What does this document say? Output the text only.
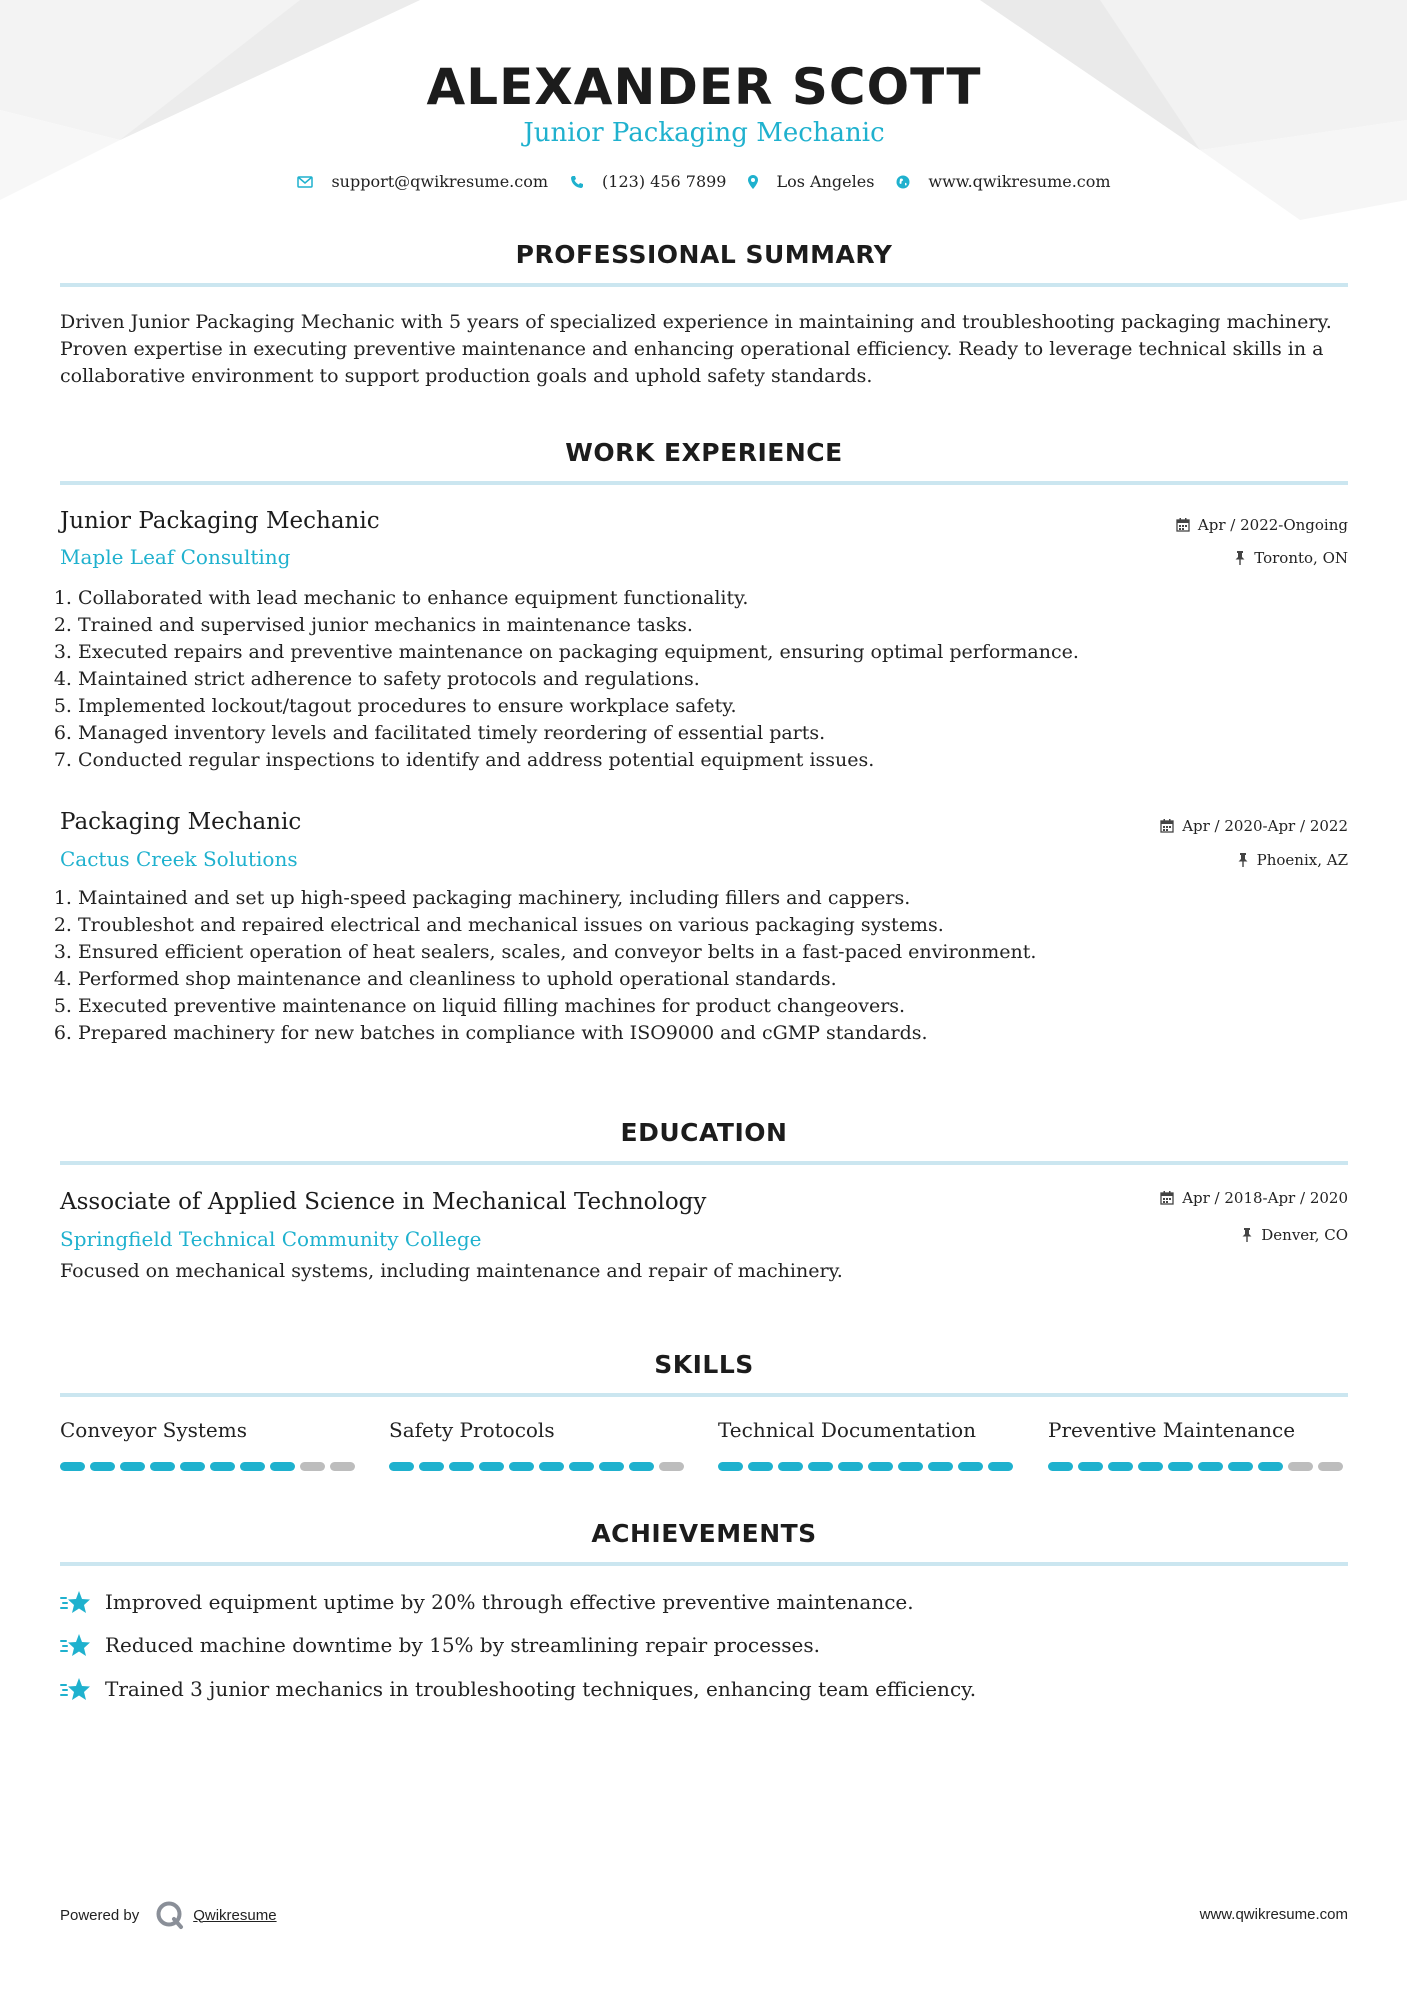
ALEXANDER SCOTT
Junior Packaging Mechanic
support@qwikresume.com	(123) 456 7899	Los Angeles	www.qwikresume.com
PROFESSIONAL SUMMARY
Driven Junior Packaging Mechanic with 5 years of specialized experience in maintaining and troubleshooting packaging machinery. Proven expertise in executing preventive maintenance and enhancing operational efficiency. Ready to leverage technical skills in a collaborative environment to support production goals and uphold safety standards.
WORK EXPERIENCE
Junior Packaging Mechanic
Maple Leaf Consulting
Apr / 2022-Ongoing
Toronto, ON
1. Collaborated with lead mechanic to enhance equipment functionality.
2. Trained and supervised junior mechanics in maintenance tasks.
3. Executed repairs and preventive maintenance on packaging equipment, ensuring optimal performance.
4. Maintained strict adherence to safety protocols and regulations.
5. Implemented lockout/tagout procedures to ensure workplace safety.
6. Managed inventory levels and facilitated timely reordering of essential parts.
7. Conducted regular inspections to identify and address potential equipment issues.
Packaging Mechanic
Cactus Creek Solutions
Apr / 2020-Apr / 2022
Phoenix, AZ
1. Maintained and set up high-speed packaging machinery, including fillers and cappers.
2. Troubleshot and repaired electrical and mechanical issues on various packaging systems.
3. Ensured efficient operation of heat sealers, scales, and conveyor belts in a fast-paced environment.
4. Performed shop maintenance and cleanliness to uphold operational standards.
5. Executed preventive maintenance on liquid filling machines for product changeovers.
6. Prepared machinery for new batches in compliance with ISO9000 and cGMP standards.
EDUCATION
Associate of Applied Science in Mechanical Technology
Springfield Technical Community College
Apr / 2018-Apr / 2020
Denver, CO
Focused on mechanical systems, including maintenance and repair of machinery.
SKILLS
Conveyor Systems	Safety Protocols	Technical Documentation	Preventive Maintenance
ACHIEVEMENTS
Improved equipment uptime by 20% through effective preventive maintenance.
Reduced machine downtime by 15% by streamlining repair processes.
Trained 3 junior mechanics in troubleshooting techniques, enhancing team efficiency.
Powered by	Qwikresume	www.qwikresume.com
